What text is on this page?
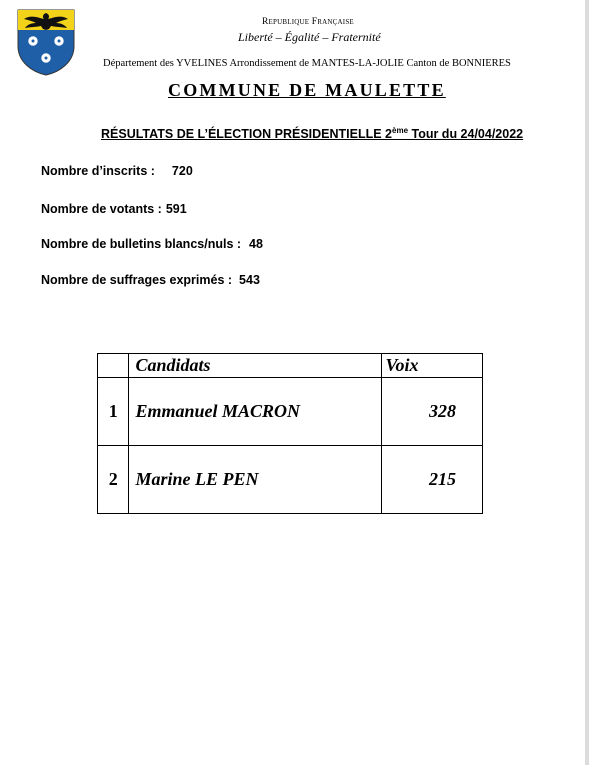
Republique Française
Liberté – Égalité – Fraternité
Département des YVELINES Arrondissement de MANTES-LA-JOLIE Canton de BONNIERES
COMMUNE DE MAULETTE
RÉSULTATS DE L’ÉLECTION PRÉSIDENTIELLE 2ème Tour du 24/04/2022
Nombre d’inscrits : 720
Nombre de votants : 591
Nombre de bulletins blancs/nuls : 48
Nombre de suffrages exprimés : 543
	Candidats	Voix
1	Emmanuel MACRON	328
2	Marine LE PEN	215
